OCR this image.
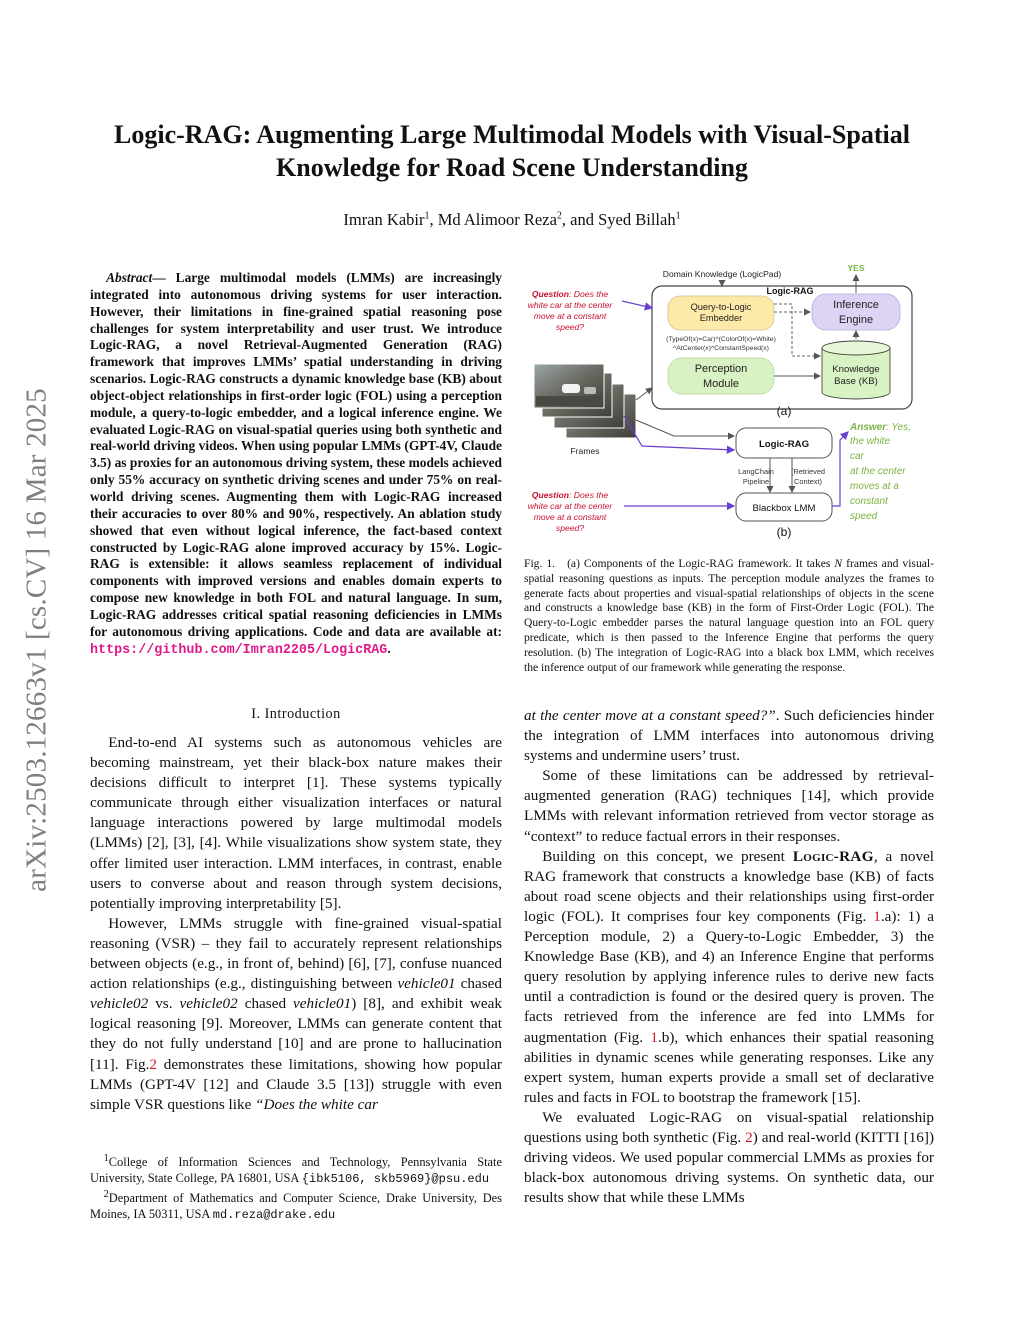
arXiv:2503.12663v1 [cs.CV] 16 Mar 2025
Logic-RAG: Augmenting Large Multimodal Models with Visual-Spatial
Knowledge for Road Scene Understanding
Imran Kabir$^1$, Md Alimoor Reza$^2$, and Syed Billah$^1$
Abstract— Large multimodal models (LMMs) are increasingly integrated into autonomous driving systems for user interaction. However, their limitations in fine-grained spatial reasoning pose challenges for system interpretability and user trust. We introduce Logic-RAG, a novel Retrieval-Augmented Generation (RAG) framework that improves LMMs’ spatial understanding in driving scenarios. Logic-RAG constructs a dynamic knowledge base (KB) about object-object relationships in first-order logic (FOL) using a perception module, a query-to-logic embedder, and a logical inference engine. We evaluated Logic-RAG on visual-spatial queries using both synthetic and real-world driving videos. When using popular LMMs (GPT-4V, Claude 3.5) as proxies for an autonomous driving system, these models achieved only 55% accuracy on synthetic driving scenes and under 75% on real-world driving scenes. Augmenting them with Logic-RAG increased their accuracies to over 80% and 90%, respectively. An ablation study showed that even without logical inference, the fact-based context constructed by Logic-RAG alone improved accuracy by 15%. Logic-RAG is extensible: it allows seamless replacement of individual components with improved versions and enables domain experts to compose new knowledge in both FOL and natural language. In sum, Logic-RAG addresses critical spatial reasoning deficiencies in LMMs for autonomous driving applications. Code and data are available at: https://github.com/Imran2205/LogicRAG.
I. Introduction

End-to-end AI systems such as autonomous vehicles are becoming mainstream, yet their black-box nature makes their decisions difficult to interpret [1]. These systems typically communicate through either visualization interfaces or natural language interactions powered by large multimodal models (LMMs) [2], [3], [4]. While visualizations show system state, they offer limited user interaction. LMM interfaces, in contrast, enable users to converse about and reason through system decisions, potentially improving interpretability [5].

However, LMMs struggle with fine-grained visual-spatial reasoning (VSR) – they fail to accurately represent relationships between objects (e.g., in front of, behind) [6], [7], confuse nuanced action relationships (e.g., distinguishing between vehicle01 chased vehicle02 vs. vehicle02 chased vehicle01) [8], and exhibit weak logical reasoning [9]. Moreover, LMMs can generate content that they do not fully understand [10] and are prone to hallucination [11]. Fig.2 demonstrates these limitations, showing how popular LMMs (GPT-4V [12] and Claude 3.5 [13]) struggle with even simple VSR questions like “Does the white car

$^1$College of Information Sciences and Technology, Pennsylvania State University, State College, PA 16801, USA {ibk5106, skb5969}@psu.edu

$^2$Department of Mathematics and Computer Science, Drake University, Des Moines, IA 50311, USA md.reza@drake.edu

Domain Knowledge (LogicPad)
YES
Logic-RAG
Question: Does the
white car at the center
move at a constant
speed?
Query-to-Logic
Embedder
Inference
Engine
(TypeOf(x)=Car)^(ColorOf(x)=White)
^AtCenter(x)^ConstantSpeed(x)
Perception
Module
Knowledge
Base (KB)
(a)
Frames
Logic-RAG
LangChain
Pipeline
(Retrieved
Context)
Blackbox LMM
(b)
Question: Does the
white car at the center
move at a constant
speed?
Answer: Yes,
the white
car
at the center
moves at a
constant
speed
Fig. 1. (a) Components of the Logic-RAG framework. It takes N frames and visual-spatial reasoning questions as inputs. The perception module analyzes the frames to generate facts about properties and visual-spatial relationships of objects in the scene and constructs a knowledge base (KB) in the form of First-Order Logic (FOL). The Query-to-Logic embedder parses the natural language question into an FOL query predicate, which is then passed to the Inference Engine that performs the query resolution. (b) The integration of Logic-RAG into a black box LMM, which receives the inference output of our framework while generating the response.

at the center move at a constant speed?”. Such deficiencies hinder the integration of LMM interfaces into autonomous driving systems and undermine users’ trust.

Some of these limitations can be addressed by retrieval-augmented generation (RAG) techniques [14], which provide LMMs with relevant information retrieved from vector storage as “context” to reduce factual errors in their responses.

Building on this concept, we present Logic-RAG, a novel RAG framework that constructs a knowledge base (KB) of facts about road scene objects and their relationships using first-order logic (FOL). It comprises four key components (Fig. 1.a): 1) a Perception module, 2) a Query-to-Logic Embedder, 3) the Knowledge Base (KB), and 4) an Inference Engine that performs query resolution by applying inference rules to derive new facts until a contradiction is found or the desired query is proven. The facts retrieved from the inference are fed into LMMs for augmentation (Fig. 1.b), which enhances their spatial reasoning abilities in dynamic scenes while generating responses. Like any expert system, human experts provide a small set of declarative rules and facts in FOL to bootstrap the framework [15].

We evaluated Logic-RAG on visual-spatial relationship questions using both synthetic (Fig. 2) and real-world (KITTI [16]) driving videos. We used popular commercial LMMs as proxies for black-box autonomous driving systems. On synthetic data, our results show that while these LMMs
